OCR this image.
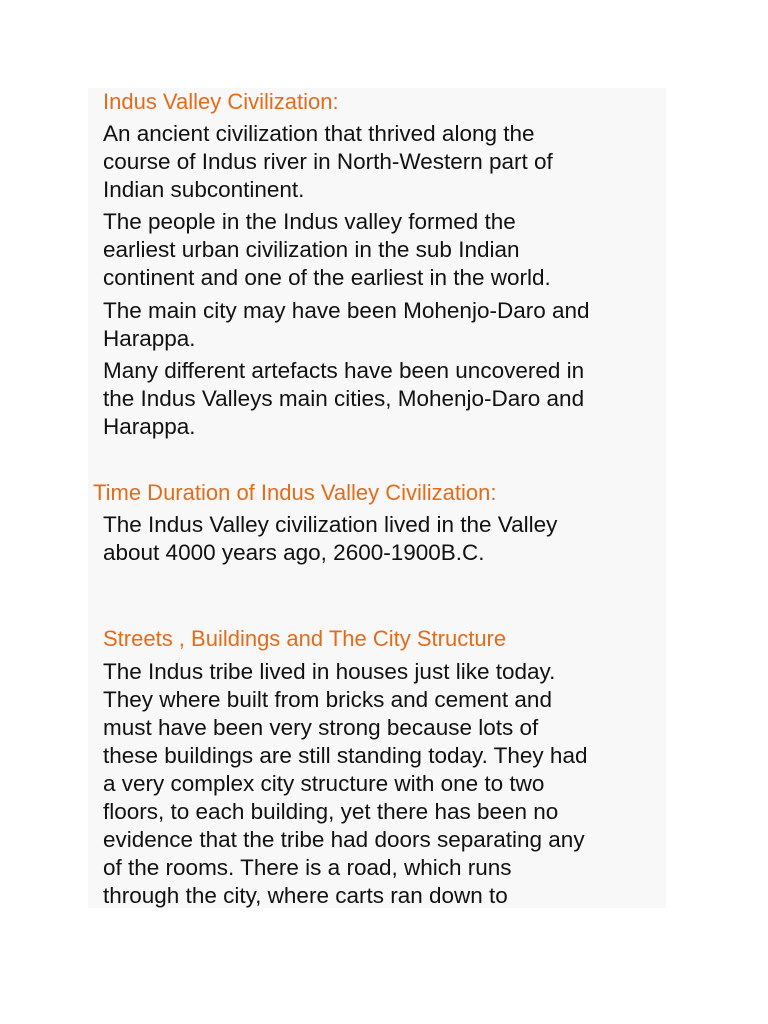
Indus Valley Civilization:

An ancient civilization that thrived along the
course of Indus river in North-Western part of
Indian subcontinent.

The people in the Indus valley formed the
earliest urban civilization in the sub Indian
continent and one of the earliest in the world.

The main city may have been Mohenjo-Daro and
Harappa.

Many different artefacts have been uncovered in
the Indus Valleys main cities, Mohenjo-Daro and
Harappa.

Time Duration of Indus Valley Civilization:

The Indus Valley civilization lived in the Valley
about 4000 years ago, 2600-1900B.C.

Streets , Buildings and The City Structure

The Indus tribe lived in houses just like today.
They where built from bricks and cement and
must have been very strong because lots of
these buildings are still standing today. They had
a very complex city structure with one to two
floors, to each building, yet there has been no
evidence that the tribe had doors separating any
of the rooms. There is a road, which runs
through the city, where carts ran down to
